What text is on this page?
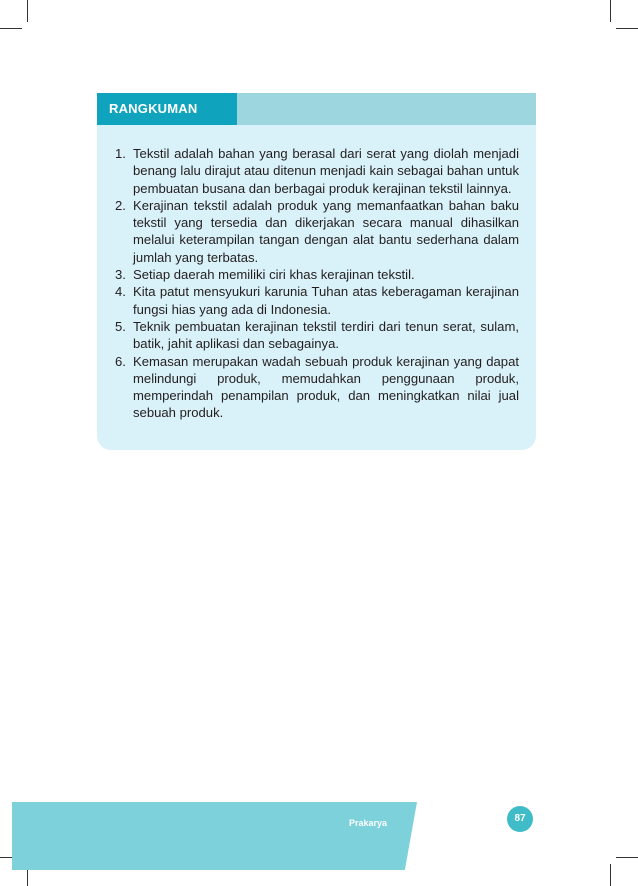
RANGKUMAN
1. Tekstil adalah bahan yang berasal dari serat yang diolah menjadi benang lalu dirajut atau ditenun menjadi kain sebagai bahan untuk pembuatan busana dan berbagai produk kerajinan tekstil lainnya.
2. Kerajinan tekstil adalah produk yang memanfaatkan bahan baku tekstil yang tersedia dan dikerjakan secara manual dihasilkan melalui keterampilan tangan dengan alat bantu sederhana dalam jumlah yang terbatas.
3. Setiap daerah memiliki ciri khas kerajinan tekstil.
4. Kita patut mensyukuri karunia Tuhan atas keberagaman kerajinan fungsi hias yang ada di Indonesia.
5. Teknik pembuatan kerajinan tekstil terdiri dari tenun serat, sulam, batik, jahit aplikasi dan sebagainya.
6. Kemasan merupakan wadah sebuah produk kerajinan yang dapat melindungi produk, memudahkan penggunaan produk, memperindah penampilan produk, dan meningkatkan nilai jual sebuah produk.
Prakarya	87
